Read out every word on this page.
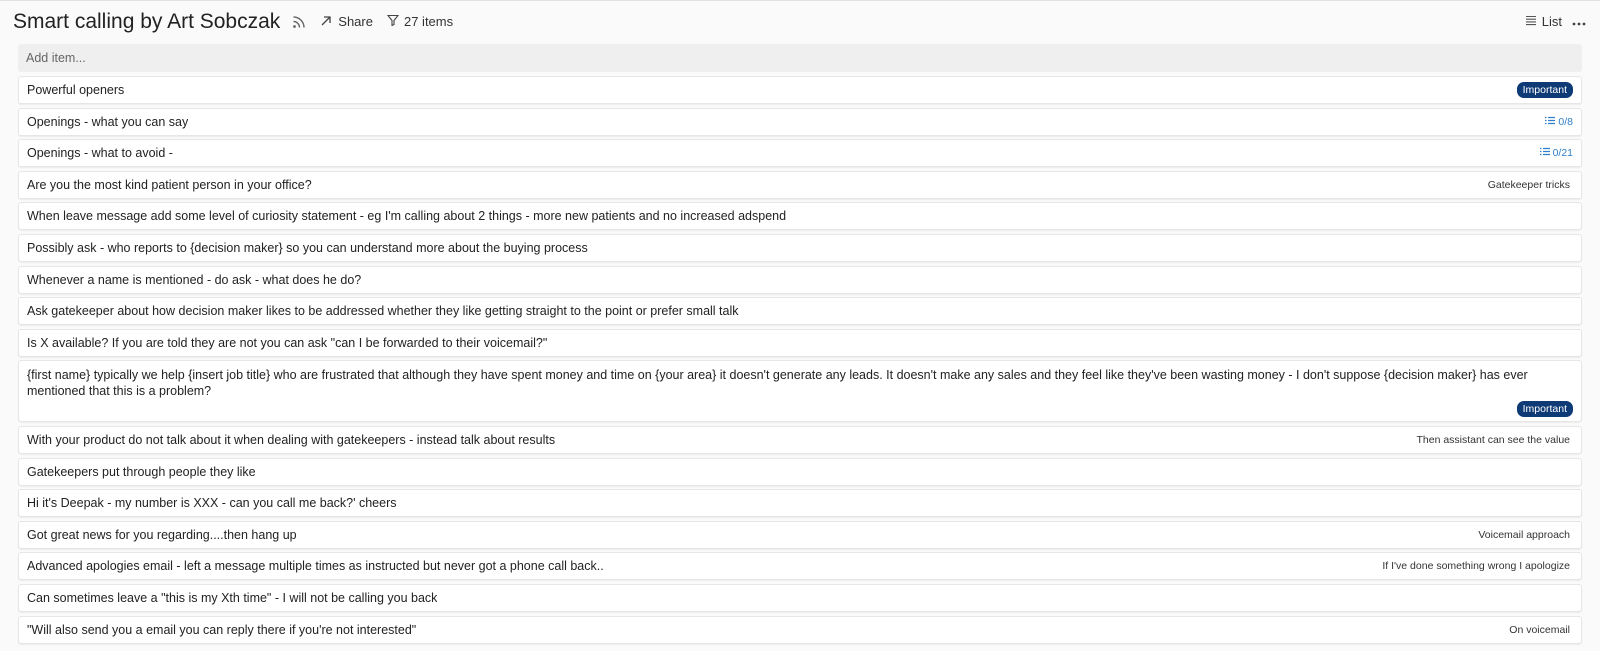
Smart calling by Art Sobczak	Share 27 items	List
Add item...
Powerful openers	Important
Openings - what you can say	0/8
Openings - what to avoid -	0/21
Are you the most kind patient person in your office?	Gatekeeper tricks
When leave message add some level of curiosity statement - eg I'm calling about 2 things - more new patients and no increased adspend
Possibly ask - who reports to {decision maker} so you can understand more about the buying process
Whenever a name is mentioned - do ask - what does he do?
Ask gatekeeper about how decision maker likes to be addressed whether they like getting straight to the point or prefer small talk
Is X available? If you are told they are not you can ask "can I be forwarded to their voicemail?"
{first name} typically we help {insert job title} who are frustrated that although they have spent money and time on {your area} it doesn't generate any leads. It doesn't make any sales and they feel like they've been wasting money - I don't suppose {decision maker} has ever mentioned that this is a problem?
Important
With your product do not talk about it when dealing with gatekeepers - instead talk about results	Then assistant can see the value
Gatekeepers put through people they like
Hi it's Deepak - my number is XXX - can you call me back?' cheers
Got great news for you regarding....then hang up	Voicemail approach
Advanced apologies email - left a message multiple times as instructed but never got a phone call back..	If I've done something wrong I apologize
Can sometimes leave a "this is my Xth time" - I will not be calling you back
"Will also send you a email you can reply there if you're not interested"	On voicemail
